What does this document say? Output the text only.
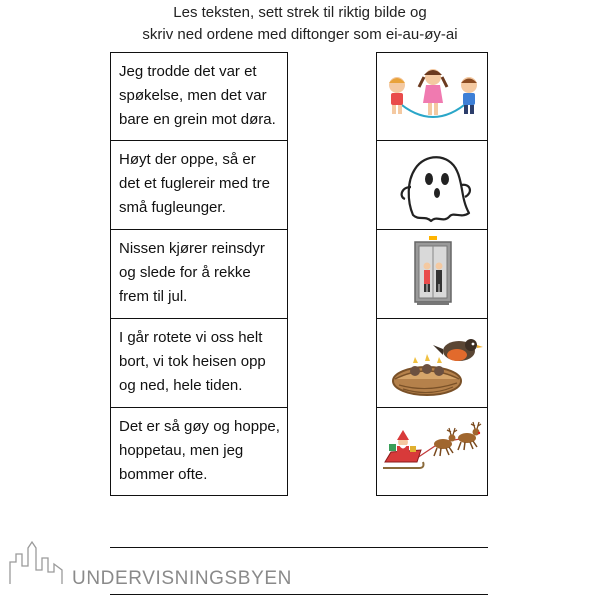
Les teksten, sett strek til riktig bilde og
skriv ned ordene med diftonger som ei-au-øy-ai
Jeg trodde det var et
spøkelse, men det var
bare en grein mot døra.
Høyt der oppe, så er
det et fuglereir med tre
små fugleunger.
Nissen kjører reinsdyr
og slede for å rekke
frem til jul.
I går rotete vi oss helt
bort, vi tok heisen opp
og ned, hele tiden.
Det er så gøy og hoppe,
hoppetau, men jeg
bommer ofte.
UNDERVISNINGSBYEN
